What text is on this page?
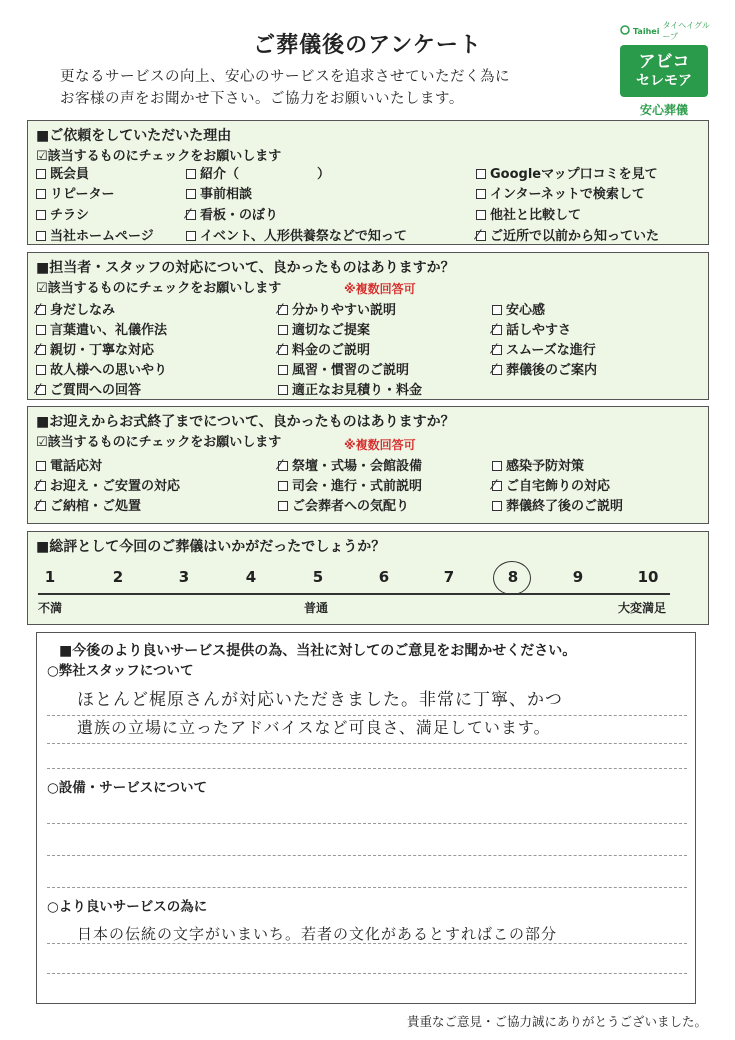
ご葬儀後のアンケート
更なるサービスの向上、安心のサービスを追求させていただく為に
お客様の声をお聞かせ下さい。ご協力をお願いいたします。
Taihei
タイヘイグループ
アビコ
セレモア
安心葬儀
■ご依頼をしていただいた理由
☑該当するものにチェックをお願いします
既会員	紹介（　　　　　　）	Googleマップ口コミを見て
リピーター	事前相談	インターネットで検索して
チラシ	看板・のぼり	他社と比較して
当社ホームページ	イベント、人形供養祭などで知って	ご近所で以前から知っていた
■担当者・スタッフの対応について、良かったものはありますか？
☑該当するものにチェックをお願いします	※複数回答可
身だしなみ	分かりやすい説明	安心感
言葉遣い、礼儀作法	適切なご提案	話しやすさ
親切・丁寧な対応	料金のご説明	スムーズな進行
故人様への思いやり	風習・慣習のご説明	葬儀後のご案内
ご質問への回答	適正なお見積り・料金
■お迎えからお式終了までについて、良かったものはありますか？
☑該当するものにチェックをお願いします	※複数回答可
電話応対	祭壇・式場・会館設備	感染予防対策
お迎え・ご安置の対応	司会・進行・式前説明	ご自宅飾りの対応
ご納棺・ご処置	ご会葬者への気配り	葬儀終了後のご説明
■総評として今回のご葬儀はいかがだったでしょうか？
1	2	3	4	5	6	7	8	9	10
不満	普通	大変満足
■今後のより良いサービス提供の為、当社に対してのご意見をお聞かせください。
○弊社スタッフについて
ほとんど梶原さんが対応いただきました。非常に丁寧、かつ
遺族の立場に立ったアドバイスなど可良さ、満足しています。
○設備・サービスについて
○より良いサービスの為に
日本の伝統の文字がいまいち。若者の文化があるとすればこの部分
貴重なご意見・ご協力誠にありがとうございました。
